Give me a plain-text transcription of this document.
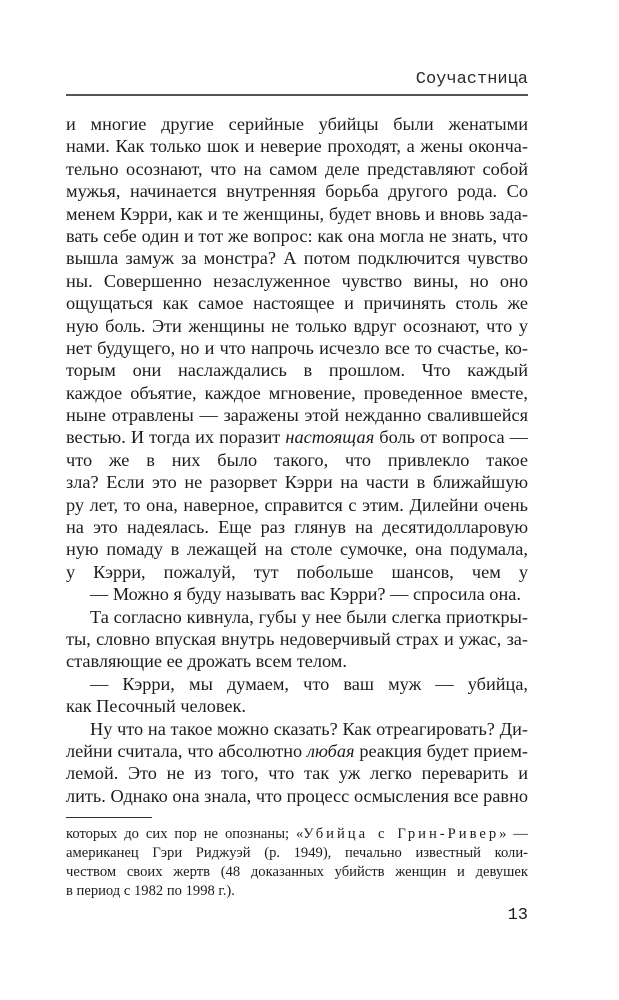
Соучастница
и многие другие серийные убийцы были женатыми
нами. Как только шок и неверие проходят, а жены оконча-
тельно осознают, что на самом деле представляют собой
мужья, начинается внутренняя борьба другого рода. Со
менем Кэрри, как и те женщины, будет вновь и вновь зада-
вать себе один и тот же вопрос: как она могла не знать, что
вышла замуж за монстра? А потом подключится чувство
ны. Совершенно незаслуженное чувство вины, но оно
ощущаться как самое настоящее и причинять столь же
ную боль. Эти женщины не только вдруг осознают, что у
нет будущего, но и что напрочь исчезло все то счастье, ко-
торым они наслаждались в прошлом. Что каждый
каждое объятие, каждое мгновение, проведенное вместе,
ныне отравлены — заражены этой нежданно свалившейся
вестью. И тогда их поразит настоящая боль от вопроса —
что же в них было такого, что привлекло такое
зла? Если это не разорвет Кэрри на части в ближайшую
ру лет, то она, наверное, справится с этим. Дилейни очень
на это надеялась. Еще раз глянув на десятидолларовую
ную помаду в лежащей на столе сумочке, она подумала,
у Кэрри, пожалуй, тут побольше шансов, чем у
— Можно я буду называть вас Кэрри? — спросила она.
Та согласно кивнула, губы у нее были слегка приоткры-
ты, словно впуская внутрь недоверчивый страх и ужас, за-
ставляющие ее дрожать всем телом.
— Кэрри, мы думаем, что ваш муж — убийца,
как Песочный человек.
Ну что на такое можно сказать? Как отреагировать? Ди-
лейни считала, что абсолютно любая реакция будет прием-
лемой. Это не из того, что так уж легко переварить и
лить. Однако она знала, что процесс осмысления все равно
которых до сих пор не опознаны; «Убийца с Грин-Ривер» —
американец Гэри Риджуэй (р. 1949), печально известный коли-
чеством своих жертв (48 доказанных убийств женщин и девушек
в период с 1982 по 1998 г.).
13
